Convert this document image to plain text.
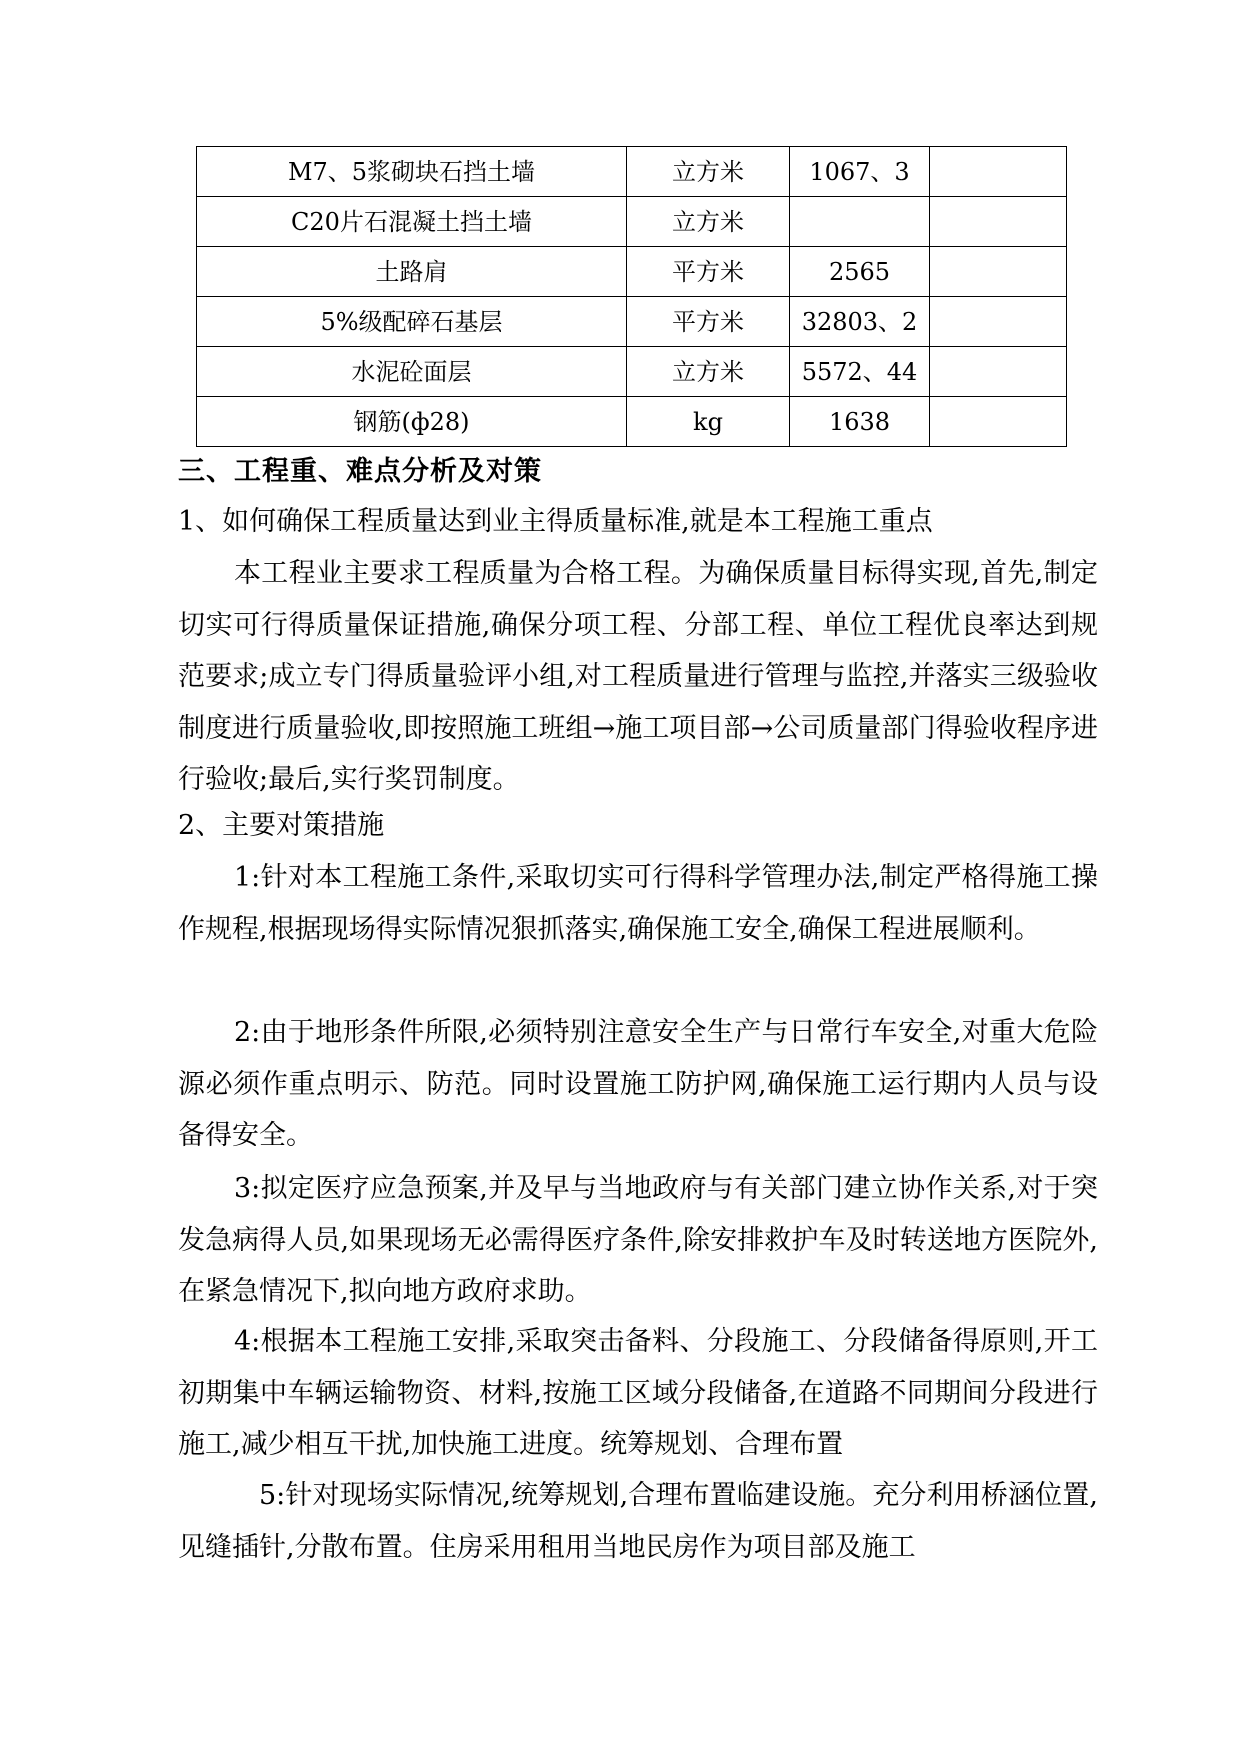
M7、5浆砌块石挡土墙	立方米	1067、3	
C20片石混凝土挡土墙	立方米		
土路肩	平方米	2565	
5%级配碎石基层	平方米	32803、2	
水泥砼面层	立方米	5572、44	
钢筋(ф28)	kg	1638	
三、工程重、难点分析及对策
1、如何确保工程质量达到业主得质量标准,就是本工程施工重点
本工程业主要求工程质量为合格工程。为确保质量目标得实现,首先,制定切实可行得质量保证措施,确保分项工程、分部工程、单位工程优良率达到规范要求;成立专门得质量验评小组,对工程质量进行管理与监控,并落实三级验收制度进行质量验收,即按照施工班组→施工项目部→公司质量部门得验收程序进行验收;最后,实行奖罚制度。
2、主要对策措施
1:针对本工程施工条件,采取切实可行得科学管理办法,制定严格得施工操作规程,根据现场得实际情况狠抓落实,确保施工安全,确保工程进展顺利。
2:由于地形条件所限,必须特别注意安全生产与日常行车安全,对重大危险源必须作重点明示、防范。同时设置施工防护网,确保施工运行期内人员与设备得安全。
3:拟定医疗应急预案,并及早与当地政府与有关部门建立协作关系,对于突发急病得人员,如果现场无必需得医疗条件,除安排救护车及时转送地方医院外,在紧急情况下,拟向地方政府求助。
4:根据本工程施工安排,采取突击备料、分段施工、分段储备得原则,开工初期集中车辆运输物资、材料,按施工区域分段储备,在道路不同期间分段进行施工,减少相互干扰,加快施工进度。统筹规划、合理布置
5:针对现场实际情况,统筹规划,合理布置临建设施。充分利用桥涵位置,见缝插针,分散布置。住房采用租用当地民房作为项目部及施工
